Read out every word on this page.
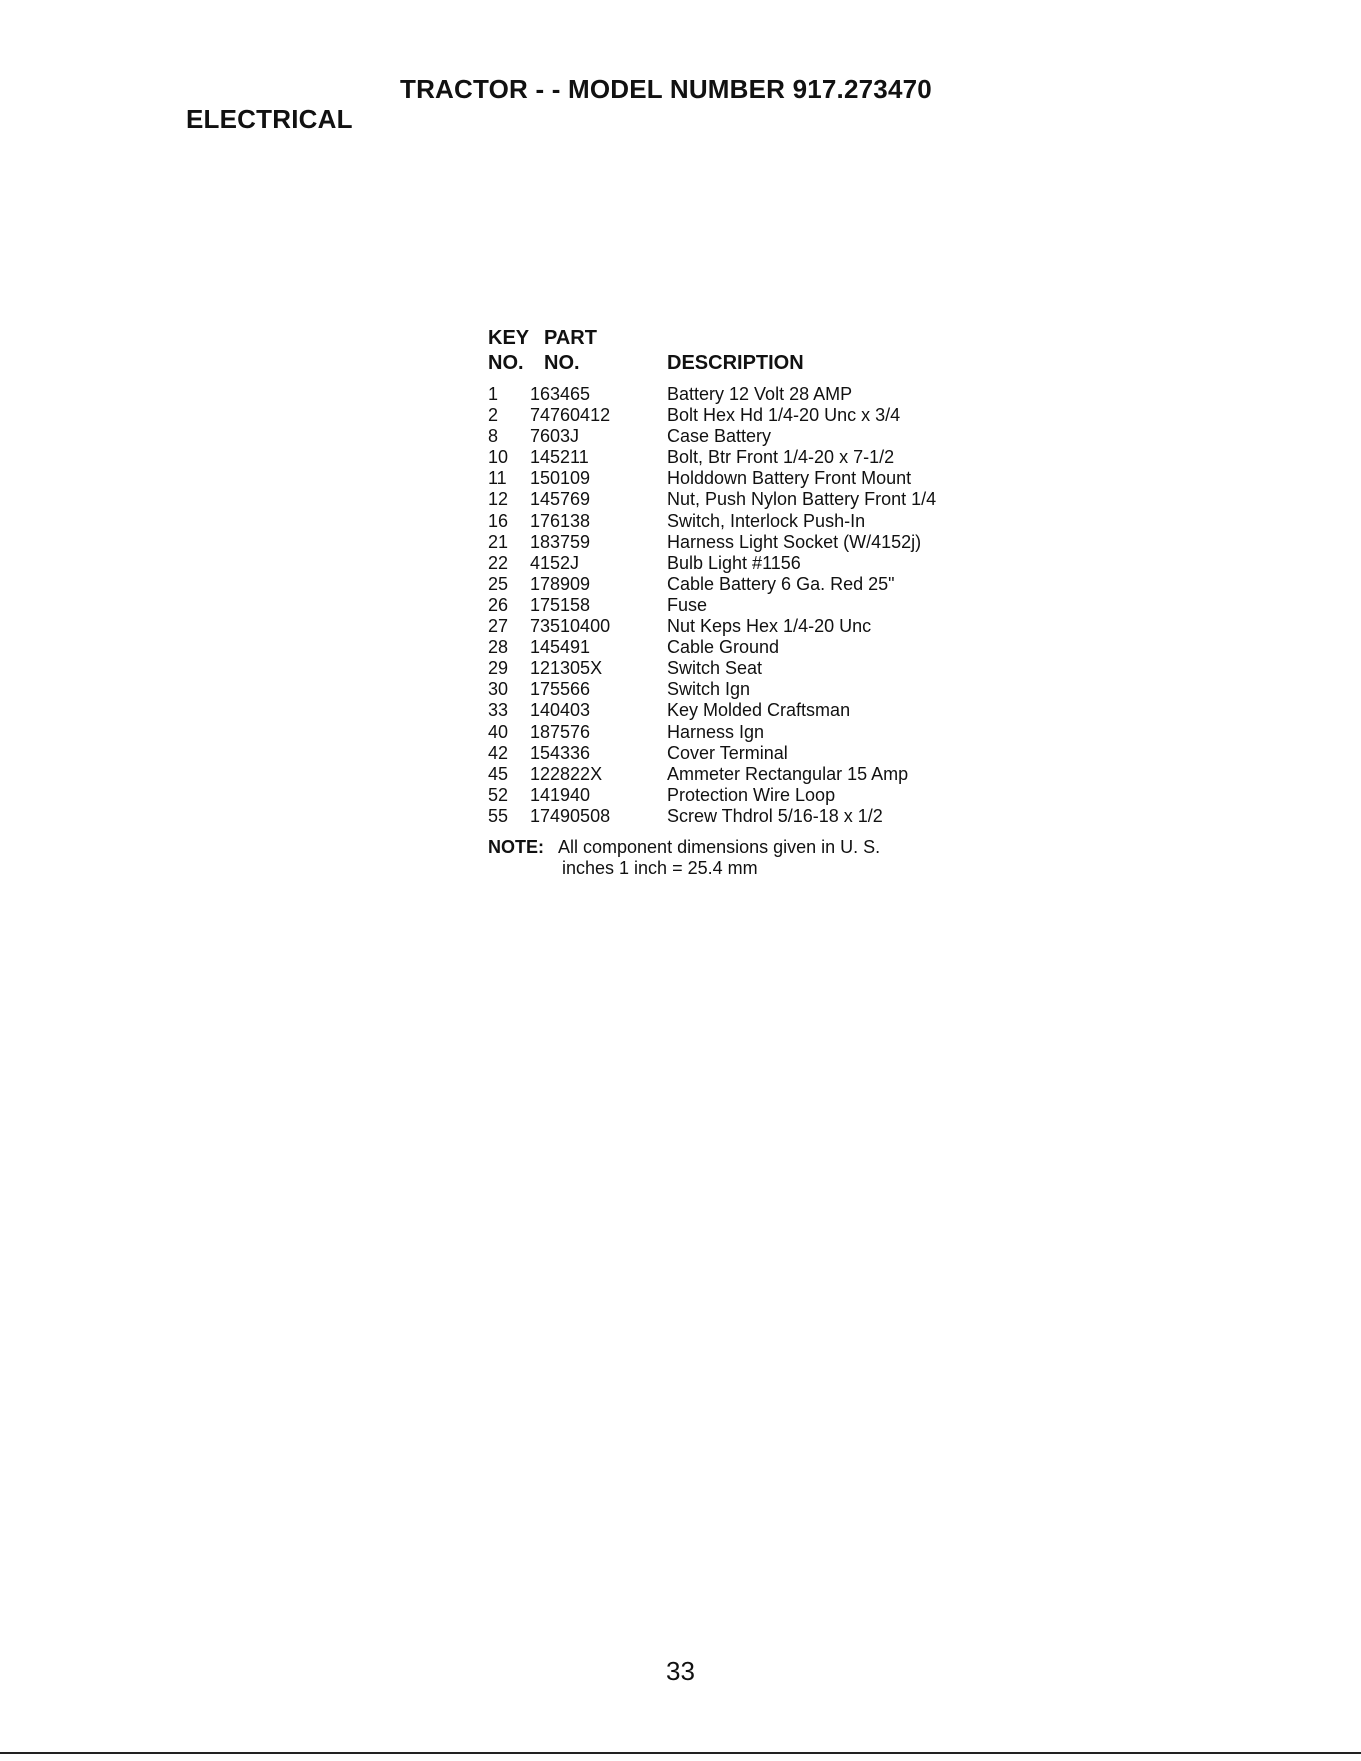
TRACTOR - - MODEL NUMBER 917.273470
ELECTRICAL
KEY PART
NO. NO.	DESCRIPTION
1 163465	Battery 12 Volt 28 AMP
2 74760412	Bolt Hex Hd 1/4-20 Unc x 3/4
8 7603J	Case Battery
10 145211	Bolt, Btr Front 1/4-20 x 7-1/2
11 150109	Holddown Battery Front Mount
12 145769	Nut, Push Nylon Battery Front 1/4
16 176138	Switch, Interlock Push-In
21 183759	Harness Light Socket (W/4152j)
22 4152J	Bulb Light #1156
25 178909	Cable Battery 6 Ga. Red 25"
26 175158	Fuse
27 73510400	Nut Keps Hex 1/4-20 Unc
28 145491	Cable Ground
29 121305X	Switch Seat
30 175566	Switch Ign
33 140403	Key Molded Craftsman
40 187576	Harness Ign
42 154336	Cover Terminal
45 122822X	Ammeter Rectangular 15 Amp
52 141940	Protection Wire Loop
55 17490508	Screw Thdrol 5/16-18 x 1/2
NOTE: All component dimensions given in U. S.
inches 1 inch = 25.4 mm
33
